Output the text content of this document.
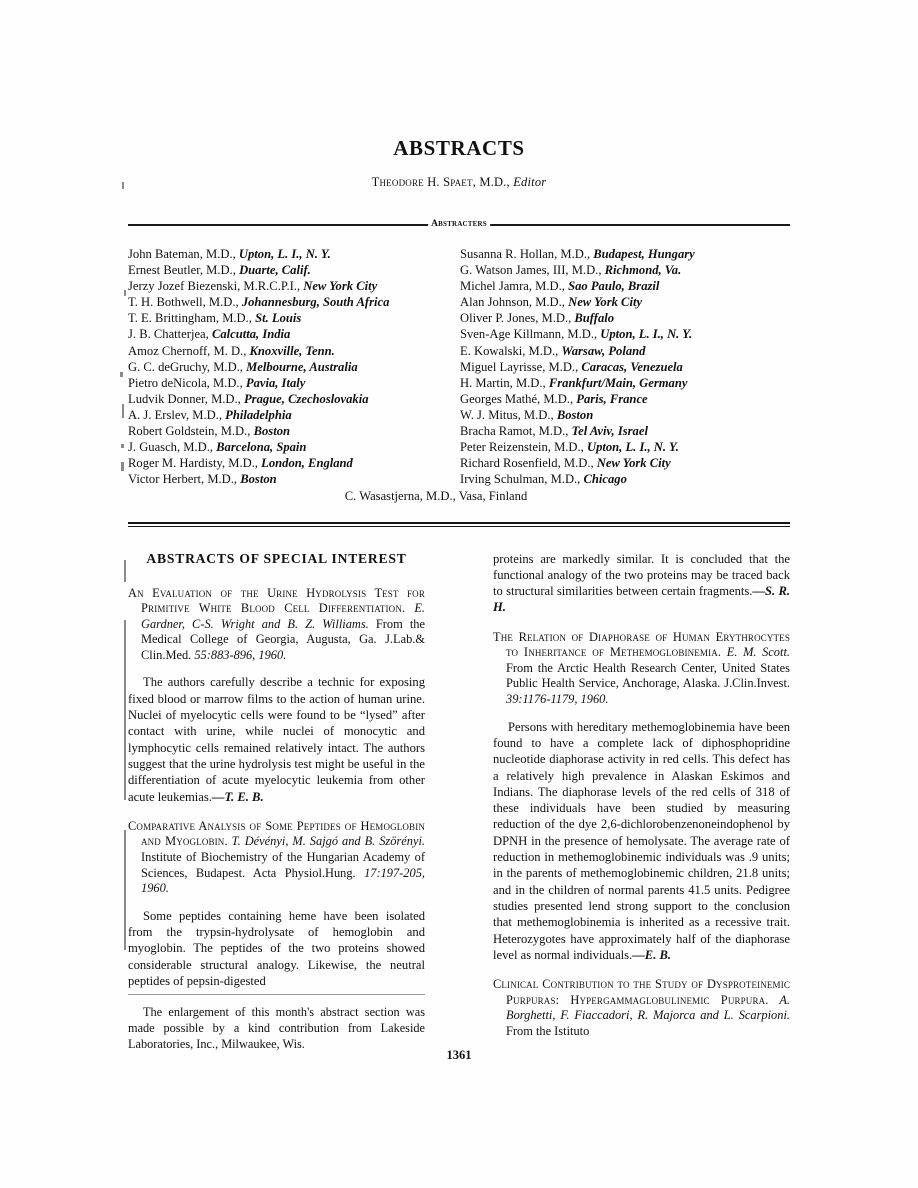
ABSTRACTS
Theodore H. Spaet, M.D., Editor
Abstracters
John Bateman, M.D., Upton, L. I., N. Y.
Ernest Beutler, M.D., Duarte, Calif.
Jerzy Jozef Biezenski, M.R.C.P.I., New York City
T. H. Bothwell, M.D., Johannesburg, South Africa
T. E. Brittingham, M.D., St. Louis
J. B. Chatterjea, Calcutta, India
Amoz Chernoff, M. D., Knoxville, Tenn.
G. C. deGruchy, M.D., Melbourne, Australia
Pietro deNicola, M.D., Pavia, Italy
Ludvik Donner, M.D., Prague, Czechoslovakia
A. J. Erslev, M.D., Philadelphia
Robert Goldstein, M.D., Boston
J. Guasch, M.D., Barcelona, Spain
Roger M. Hardisty, M.D., London, England
Victor Herbert, M.D., Boston
Susanna R. Hollan, M.D., Budapest, Hungary
G. Watson James, III, M.D., Richmond, Va.
Michel Jamra, M.D., Sao Paulo, Brazil
Alan Johnson, M.D., New York City
Oliver P. Jones, M.D., Buffalo
Sven-Age Killmann, M.D., Upton, L. I., N. Y.
E. Kowalski, M.D., Warsaw, Poland
Miguel Layrisse, M.D., Caracas, Venezuela
H. Martin, M.D., Frankfurt/Main, Germany
Georges Mathé, M.D., Paris, France
W. J. Mitus, M.D., Boston
Bracha Ramot, M.D., Tel Aviv, Israel
Peter Reizenstein, M.D., Upton, L. I., N. Y.
Richard Rosenfield, M.D., New York City
Irving Schulman, M.D., Chicago
C. Wasastjerna, M.D., Vasa, Finland
ABSTRACTS OF SPECIAL INTEREST
An Evaluation of the Urine Hydrolysis Test for Primitive White Blood Cell Differentiation. E. Gardner, C-S. Wright and B. Z. Williams. From the Medical College of Georgia, Augusta, Ga. J.Lab.& Clin.Med. 55:883-896, 1960.
The authors carefully describe a technic for exposing fixed blood or marrow films to the action of human urine. Nuclei of myelocytic cells were found to be “lysed” after contact with urine, while nuclei of monocytic and lymphocytic cells remained relatively intact. The authors suggest that the urine hydrolysis test might be useful in the differentiation of acute myelocytic leukemia from other acute leukemias.—T. E. B.
Comparative Analysis of Some Peptides of Hemoglobin and Myoglobin. T. Dévényi, M. Sajgó and B. Szörényi. Institute of Biochemistry of the Hungarian Academy of Sciences, Budapest. Acta Physiol.Hung. 17:197-205, 1960.
Some peptides containing heme have been isolated from the trypsin-hydrolysate of hemoglobin and myoglobin. The peptides of the two proteins showed considerable structural analogy. Likewise, the neutral peptides of pepsin-digested
The enlargement of this month's abstract section was made possible by a kind contribution from Lakeside Laboratories, Inc., Milwaukee, Wis.
proteins are markedly similar. It is concluded that the functional analogy of the two proteins may be traced back to structural similarities between certain fragments.—S. R. H.
The Relation of Diaphorase of Human Erythrocytes to Inheritance of Methemoglobinemia. E. M. Scott. From the Arctic Health Research Center, United States Public Health Service, Anchorage, Alaska. J.Clin.Invest. 39:1176-1179, 1960.
Persons with hereditary methemoglobinemia have been found to have a complete lack of diphosphopridine nucleotide diaphorase activity in red cells. This defect has a relatively high prevalence in Alaskan Eskimos and Indians. The diaphorase levels of the red cells of 318 of these individuals have been studied by measuring reduction of the dye 2,6-dichlorobenzenoneindophenol by DPNH in the presence of hemolysate. The average rate of reduction in methemoglobinemic individuals was .9 units; in the parents of methemoglobinemic children, 21.8 units; and in the children of normal parents 41.5 units. Pedigree studies presented lend strong support to the conclusion that methemoglobinemia is inherited as a recessive trait. Heterozygotes have approximately half of the diaphorase level as normal individuals.—E. B.
Clinical Contribution to the Study of Dysproteinemic Purpuras: Hypergammaglobulinemic Purpura. A. Borghetti, F. Fiaccadori, R. Majorca and L. Scarpioni. From the Istituto
1361
